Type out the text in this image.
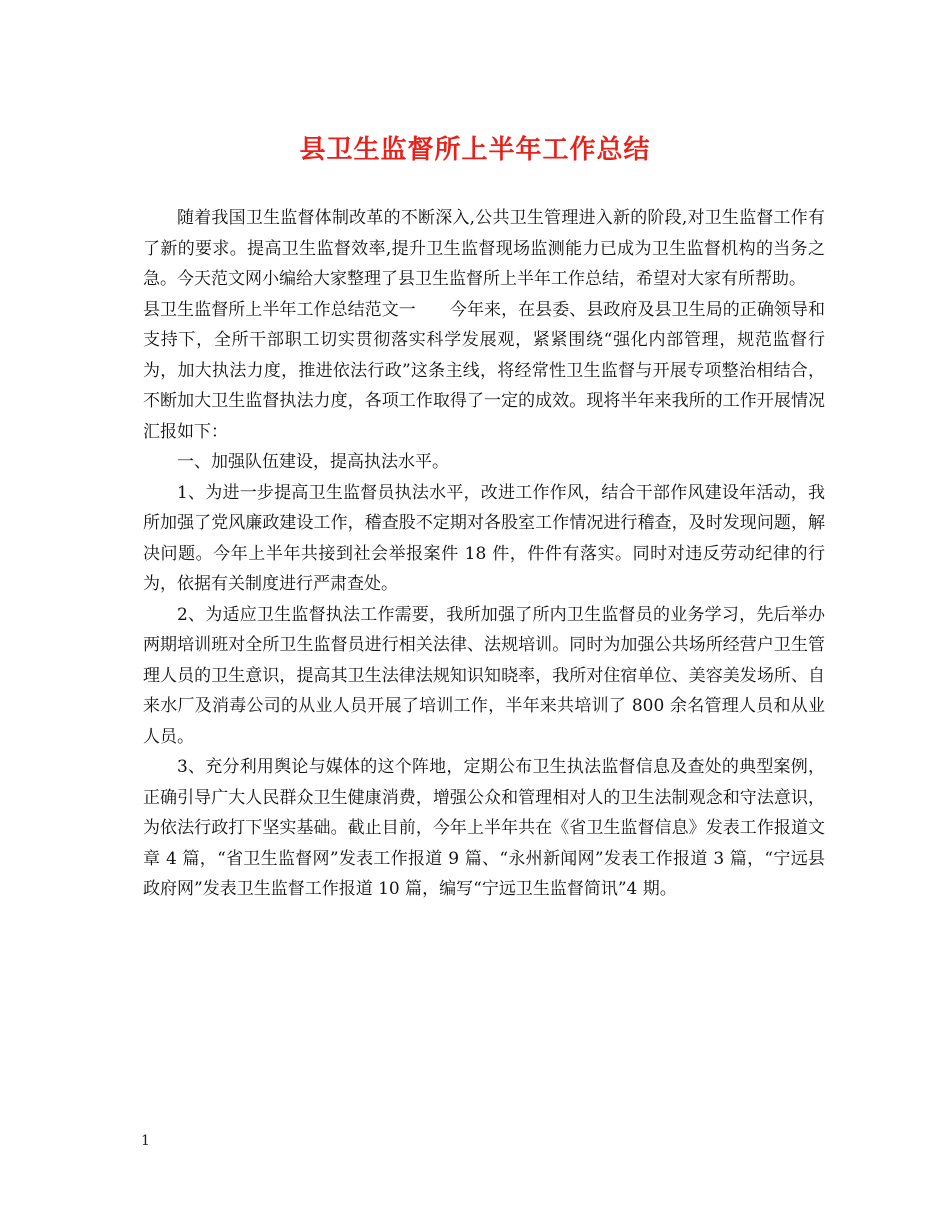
县卫生监督所上半年工作总结

随着我国卫生监督体制改革的不断深入,公共卫生管理进入新的阶段,对卫生监督工作有了新的要求。提高卫生监督效率,提升卫生监督现场监测能力已成为卫生监督机构的当务之急。今天范文网小编给大家整理了县卫生监督所上半年工作总结，希望对大家有所帮助。

县卫生监督所上半年工作总结范文一　　今年来，在县委、县政府及县卫生局的正确领导和支持下，全所干部职工切实贯彻落实科学发展观，紧紧围绕“强化内部管理，规范监督行为，加大执法力度，推进依法行政”这条主线，将经常性卫生监督与开展专项整治相结合，不断加大卫生监督执法力度，各项工作取得了一定的成效。现将半年来我所的工作开展情况汇报如下：

一、加强队伍建设，提高执法水平。

1、为进一步提高卫生监督员执法水平，改进工作作风，结合干部作风建设年活动，我所加强了党风廉政建设工作，稽查股不定期对各股室工作情况进行稽查，及时发现问题，解决问题。今年上半年共接到社会举报案件 18 件，件件有落实。同时对违反劳动纪律的行为，依据有关制度进行严肃查处。

2、为适应卫生监督执法工作需要，我所加强了所内卫生监督员的业务学习，先后举办两期培训班对全所卫生监督员进行相关法律、法规培训。同时为加强公共场所经营户卫生管理人员的卫生意识，提高其卫生法律法规知识知晓率，我所对住宿单位、美容美发场所、自来水厂及消毒公司的从业人员开展了培训工作，半年来共培训了 800 余名管理人员和从业人员。

3、充分利用舆论与媒体的这个阵地，定期公布卫生执法监督信息及查处的典型案例，正确引导广大人民群众卫生健康消费，增强公众和管理相对人的卫生法制观念和守法意识，为依法行政打下坚实基础。截止目前，今年上半年共在《省卫生监督信息》发表工作报道文章 4 篇，“省卫生监督网”发表工作报道 9 篇、“永州新闻网”发表工作报道 3 篇，“宁远县政府网”发表卫生监督工作报道 10 篇，编写“宁远卫生监督简讯”4 期。

1
